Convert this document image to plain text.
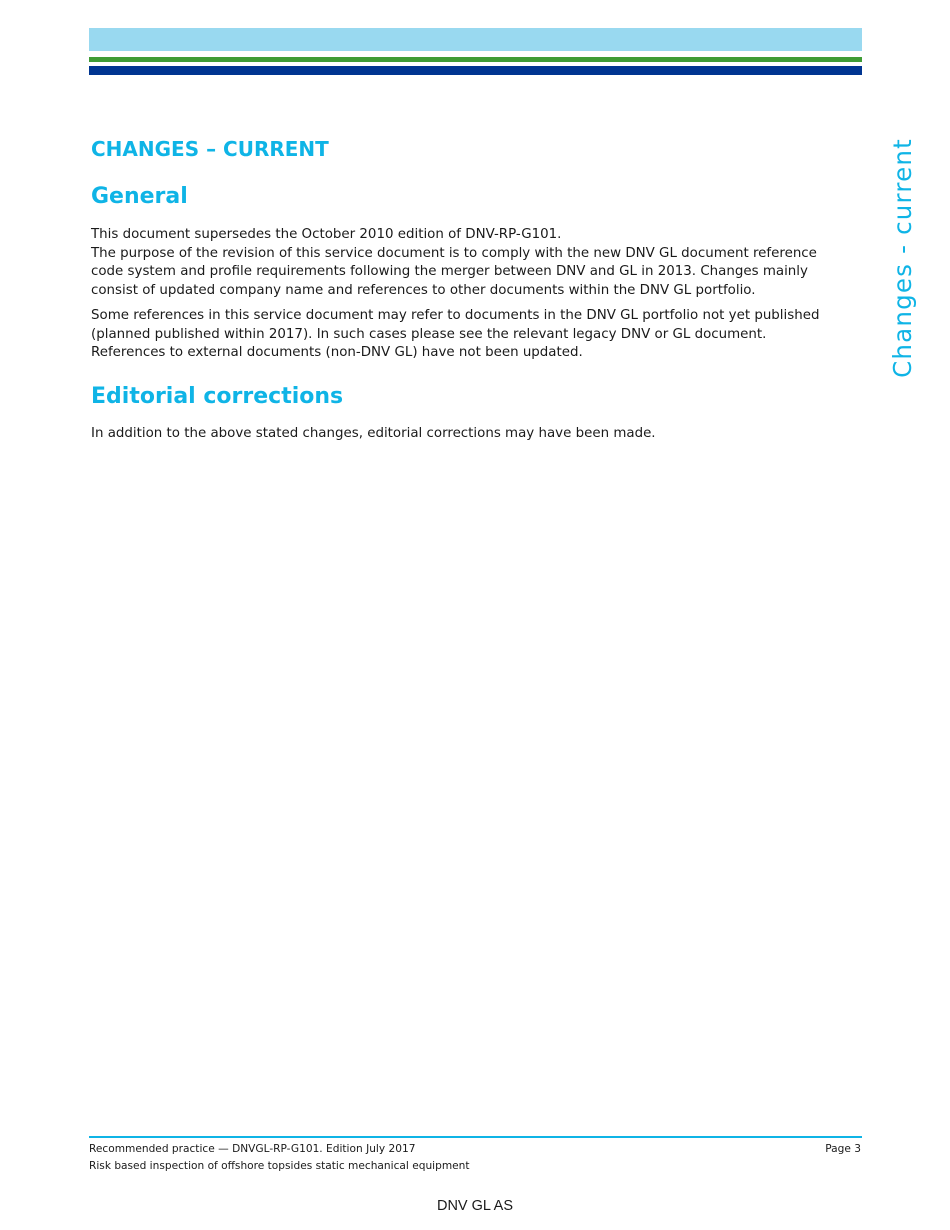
CHANGES – CURRENT	Changes - current
General

This document supersedes the October 2010 edition of DNV-RP-G101.
The purpose of the revision of this service document is to comply with the new DNV GL document reference
code system and profile requirements following the merger between DNV and GL in 2013. Changes mainly
consist of updated company name and references to other documents within the DNV GL portfolio.

Some references in this service document may refer to documents in the DNV GL portfolio not yet published
(planned published within 2017). In such cases please see the relevant legacy DNV or GL document.
References to external documents (non-DNV GL) have not been updated.

Editorial corrections

In addition to the above stated changes, editorial corrections may have been made.

Recommended practice — DNVGL-RP-G101. Edition July 2017
Risk based inspection of offshore topsides static mechanical equipment
Page 3
DNV GL AS
